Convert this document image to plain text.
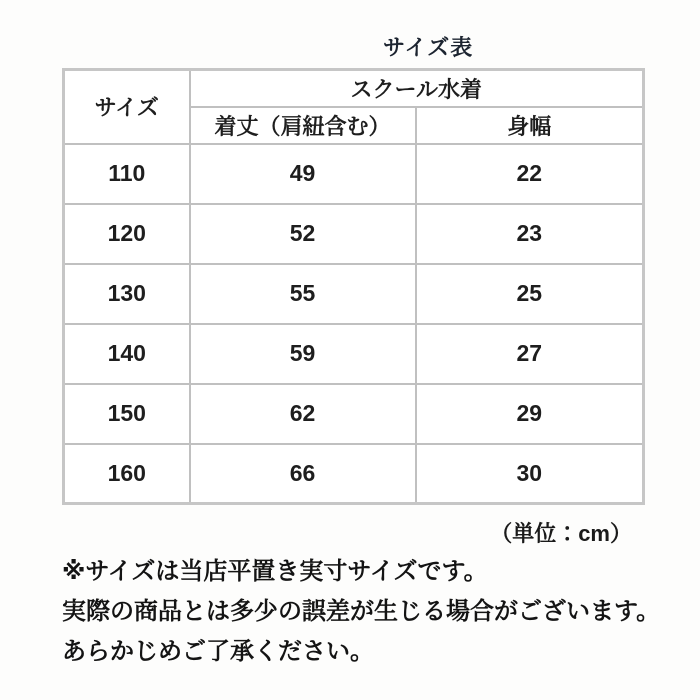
サイズ表
サイズ	スクール水着	
	着丈（肩紐含む）	身幅
110	49	22
120	52	23
130	55	25
140	59	27
150	62	29
160	66	30
（単位：cm）
※サイズは当店平置き実寸サイズです。
実際の商品とは多少の誤差が生じる場合がございます。
あらかじめご了承ください。
